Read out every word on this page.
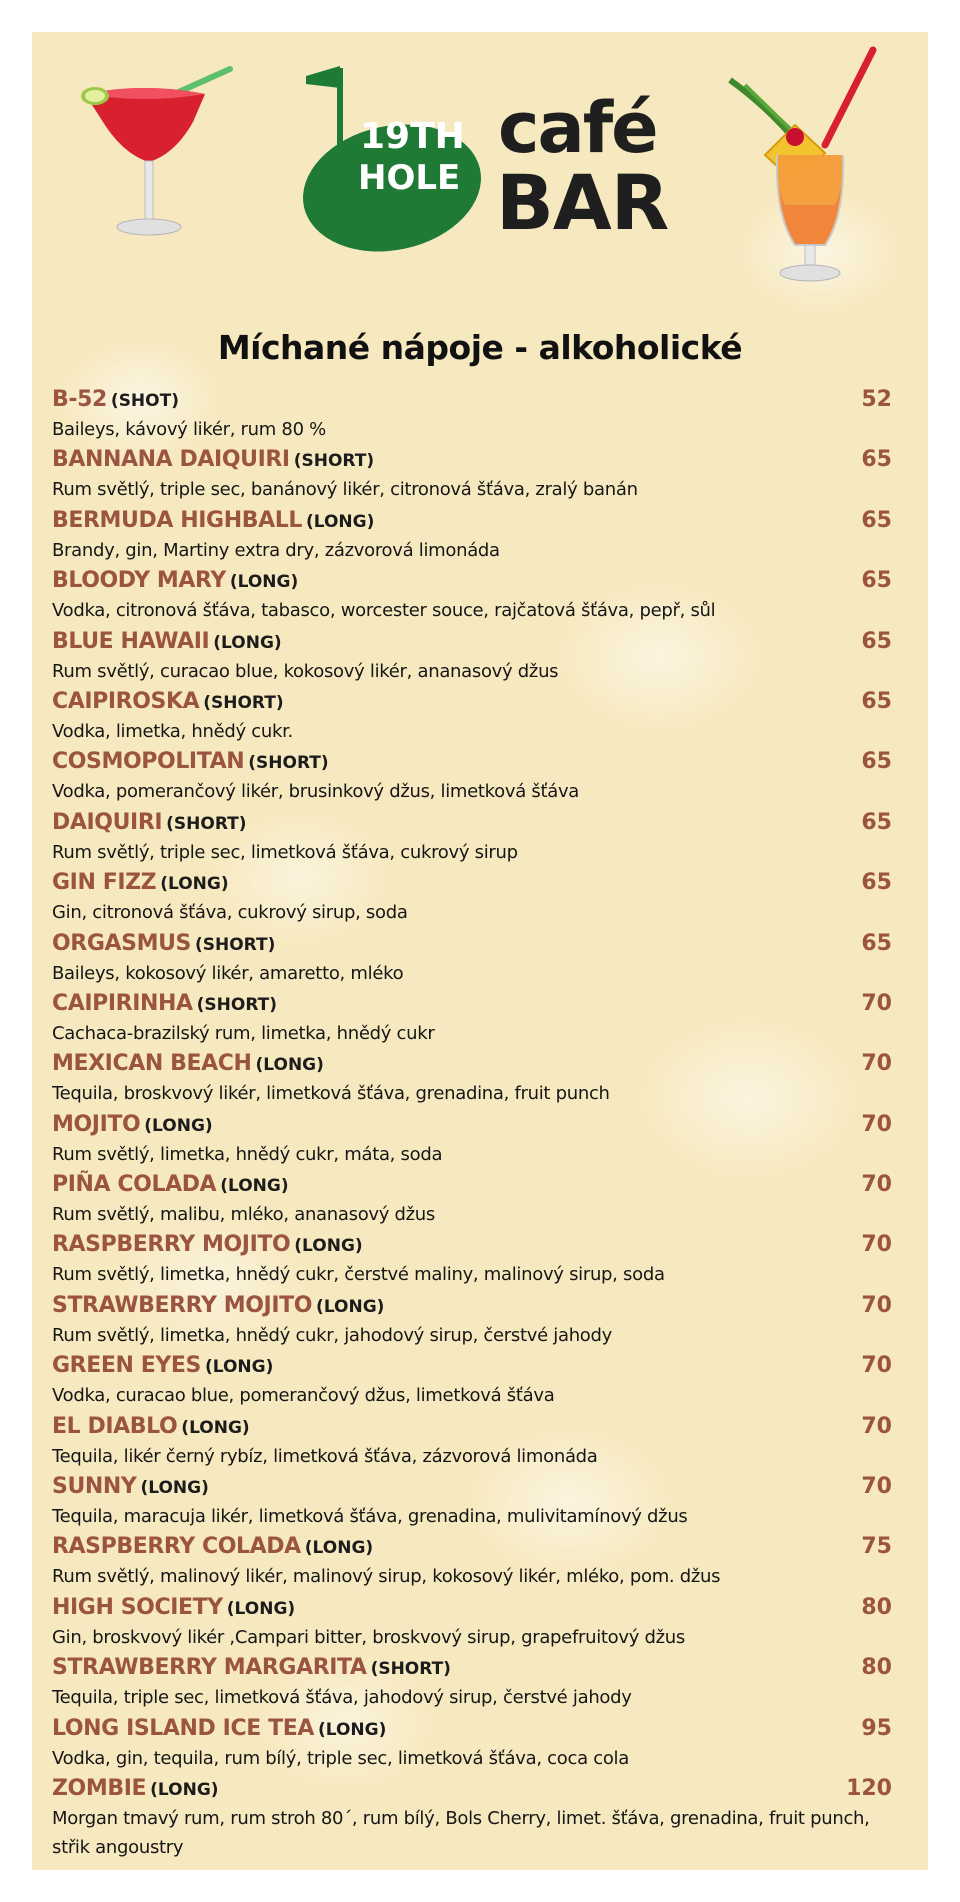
19TH
HOLE
café
BAR
Míchané nápoje - alkoholické
B-52 (SHOT)	52
Baileys, kávový likér, rum 80 %
BANNANA DAIQUIRI (SHORT)	65
Rum světlý, triple sec, banánový likér, citronová šťáva, zralý banán
BERMUDA HIGHBALL (LONG)	65
Brandy, gin, Martiny extra dry, zázvorová limonáda
BLOODY MARY (LONG)	65
Vodka, citronová šťáva, tabasco, worcester souce, rajčatová šťáva, pepř, sůl
BLUE HAWAII (LONG)	65
Rum světlý, curacao blue, kokosový likér, ananasový džus
CAIPIROSKA (SHORT)	65
Vodka, limetka, hnědý cukr.
COSMOPOLITAN (SHORT)	65
Vodka, pomerančový likér, brusinkový džus, limetková šťáva
DAIQUIRI (SHORT)	65
Rum světlý, triple sec, limetková šťáva, cukrový sirup
GIN FIZZ (LONG)	65
Gin, citronová šťáva, cukrový sirup, soda
ORGASMUS (SHORT)	65
Baileys, kokosový likér, amaretto, mléko
CAIPIRINHA (SHORT)	70
Cachaca-brazilský rum, limetka, hnědý cukr
MEXICAN BEACH (LONG)	70
Tequila, broskvový likér, limetková šťáva, grenadina, fruit punch
MOJITO (LONG)	70
Rum světlý, limetka, hnědý cukr, máta, soda
PIÑA COLADA (LONG)	70
Rum světlý, malibu, mléko, ananasový džus
RASPBERRY MOJITO (LONG)	70
Rum světlý, limetka, hnědý cukr, čerstvé maliny, malinový sirup, soda
STRAWBERRY MOJITO (LONG)	70
Rum světlý, limetka, hnědý cukr, jahodový sirup, čerstvé jahody
GREEN EYES (LONG)	70
Vodka, curacao blue, pomerančový džus, limetková šťáva
EL DIABLO (LONG)	70
Tequila, likér černý rybíz, limetková šťáva, zázvorová limonáda
SUNNY (LONG)	70
Tequila, maracuja likér, limetková šťáva, grenadina, mulivitamínový džus
RASPBERRY COLADA (LONG)	75
Rum světlý, malinový likér, malinový sirup, kokosový likér, mléko, pom. džus
HIGH SOCIETY (LONG)	80
Gin, broskvový likér ,Campari bitter, broskvový sirup, grapefruitový džus
STRAWBERRY MARGARITA (SHORT)	80
Tequila, triple sec, limetková šťáva, jahodový sirup, čerstvé jahody
LONG ISLAND ICE TEA (LONG)	95
Vodka, gin, tequila, rum bílý, triple sec, limetková šťáva, coca cola
ZOMBIE (LONG)	120
Morgan tmavý rum, rum stroh 80´, rum bílý, Bols Cherry, limet. šťáva, grenadina, fruit punch, střik angoustry
